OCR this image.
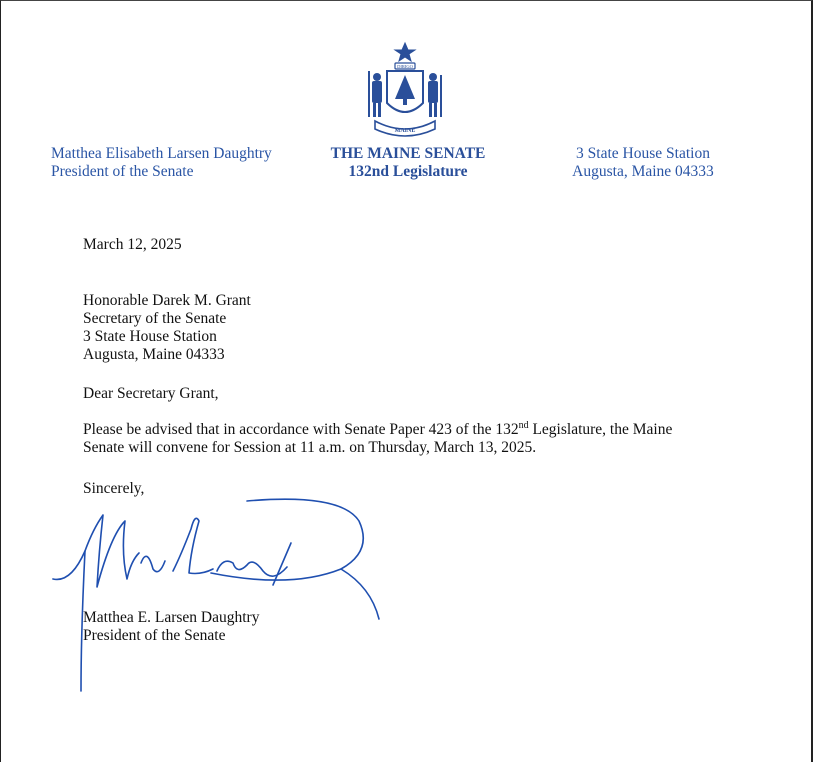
DIRIGO
MAINE
Matthea Elisabeth Larsen Daughtry
President of the Senate
THE MAINE SENATE
132nd Legislature
3 State House Station
Augusta, Maine 04333
March 12, 2025
Honorable Darek M. Grant
Secretary of the Senate
3 State House Station
Augusta, Maine 04333
Dear Secretary Grant,
Please be advised that in accordance with Senate Paper 423 of the 132nd Legislature, the Maine
Senate will convene for Session at 11 a.m. on Thursday, March 13, 2025.
Sincerely,
Matthea E. Larsen Daughtry
President of the Senate
